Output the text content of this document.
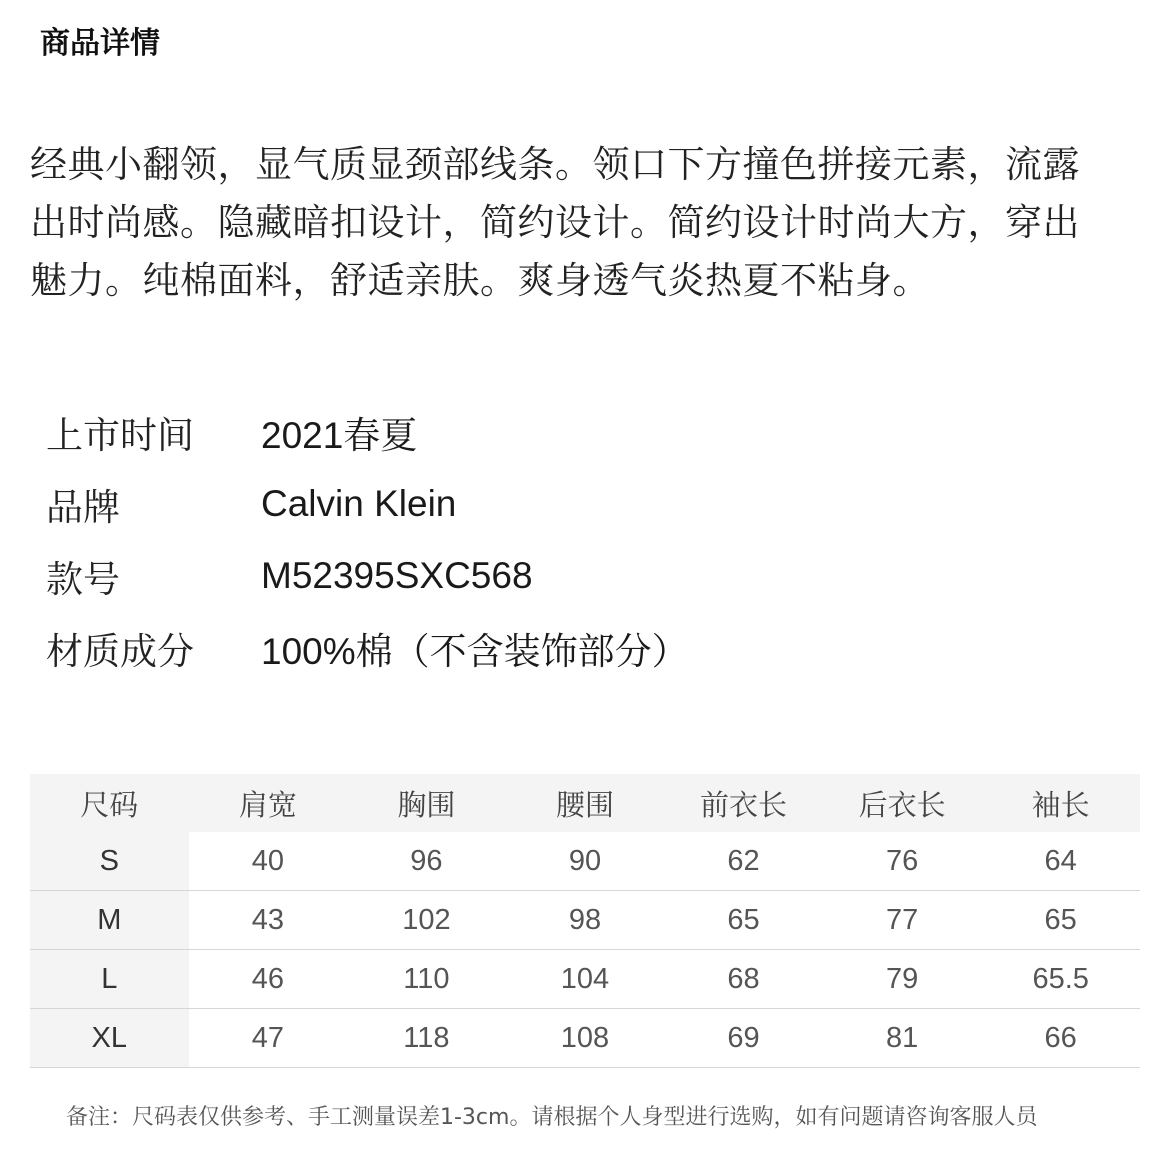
商品详情

经典小翻领，显气质显颈部线条。领口下方撞色拼接元素，流露

出时尚感。隐藏暗扣设计，简约设计。简约设计时尚大方，穿出

魅力。纯棉面料，舒适亲肤。爽身透气炎热夏不粘身。

上市时间	2021春夏
品牌	Calvin Klein
款号	M52395SXC568
材质成分	100%棉（不含装饰部分）
尺码	肩宽	胸围	腰围	前衣长	后衣长	袖长
S	40	96	90	62	76	64
M	43	102	98	65	77	65
L	46	110	104	68	79	65.5
XL	47	118	108	69	81	66
备注：尺码表仅供参考、手工测量误差1-3cm。请根据个人身型进行选购，如有问题请咨询客服人员
